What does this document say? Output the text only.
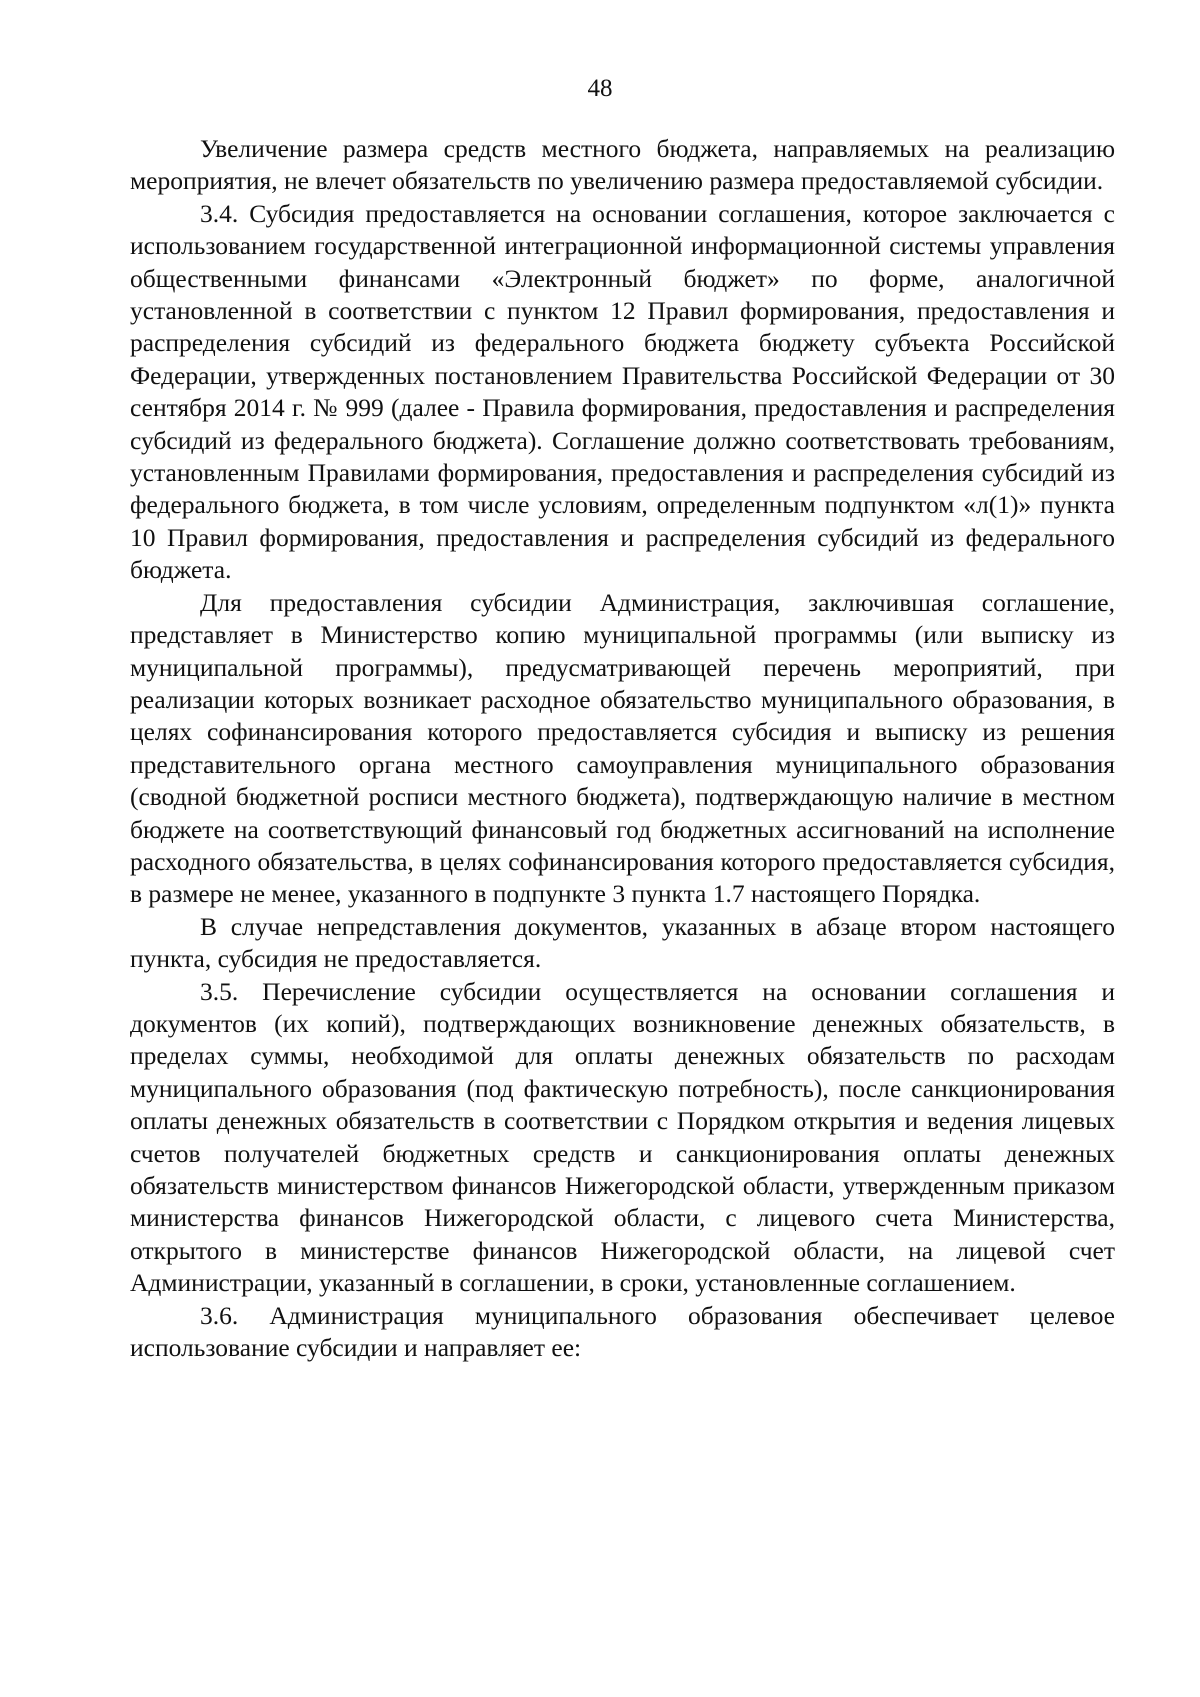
48

Увеличение размера средств местного бюджета, направляемых на реализацию мероприятия, не влечет обязательств по увеличению размера предоставляемой субсидии.

3.4. Субсидия предоставляется на основании соглашения, которое заключается с использованием государственной интеграционной информационной системы управления общественными финансами «Электронный бюджет» по форме, аналогичной установленной в соответствии с пунктом 12 Правил формирования, предоставления и распределения субсидий из федерального бюджета бюджету субъекта Российской Федерации, утвержденных постановлением Правительства Российской Федерации от 30 сентября 2014 г. № 999 (далее - Правила формирования, предоставления и распределения субсидий из федерального бюджета). Соглашение должно соответствовать требованиям, установленным Правилами формирования, предоставления и распределения субсидий из федерального бюджета, в том числе условиям, определенным подпунктом «л(1)» пункта 10 Правил формирования, предоставления и распределения субсидий из федерального бюджета.

Для предоставления субсидии Администрация, заключившая соглашение, представляет в Министерство копию муниципальной программы (или выписку из муниципальной программы), предусматривающей перечень мероприятий, при реализации которых возникает расходное обязательство муниципального образования, в целях софинансирования которого предоставляется субсидия и выписку из решения представительного органа местного самоуправления муниципального образования (сводной бюджетной росписи местного бюджета), подтверждающую наличие в местном бюджете на соответствующий финансовый год бюджетных ассигнований на исполнение расходного обязательства, в целях софинансирования которого предоставляется субсидия, в размере не менее, указанного в подпункте 3 пункта 1.7 настоящего Порядка.

В случае непредставления документов, указанных в абзаце втором настоящего пункта, субсидия не предоставляется.

3.5. Перечисление субсидии осуществляется на основании соглашения и документов (их копий), подтверждающих возникновение денежных обязательств, в пределах суммы, необходимой для оплаты денежных обязательств по расходам муниципального образования (под фактическую потребность), после санкционирования оплаты денежных обязательств в соответствии с Порядком открытия и ведения лицевых счетов получателей бюджетных средств и санкционирования оплаты денежных обязательств министерством финансов Нижегородской области, утвержденным приказом министерства финансов Нижегородской области, с лицевого счета Министерства, открытого в министерстве финансов Нижегородской области, на лицевой счет Администрации, указанный в соглашении, в сроки, установленные соглашением.

3.6. Администрация муниципального образования обеспечивает целевое использование субсидии и направляет ее:
